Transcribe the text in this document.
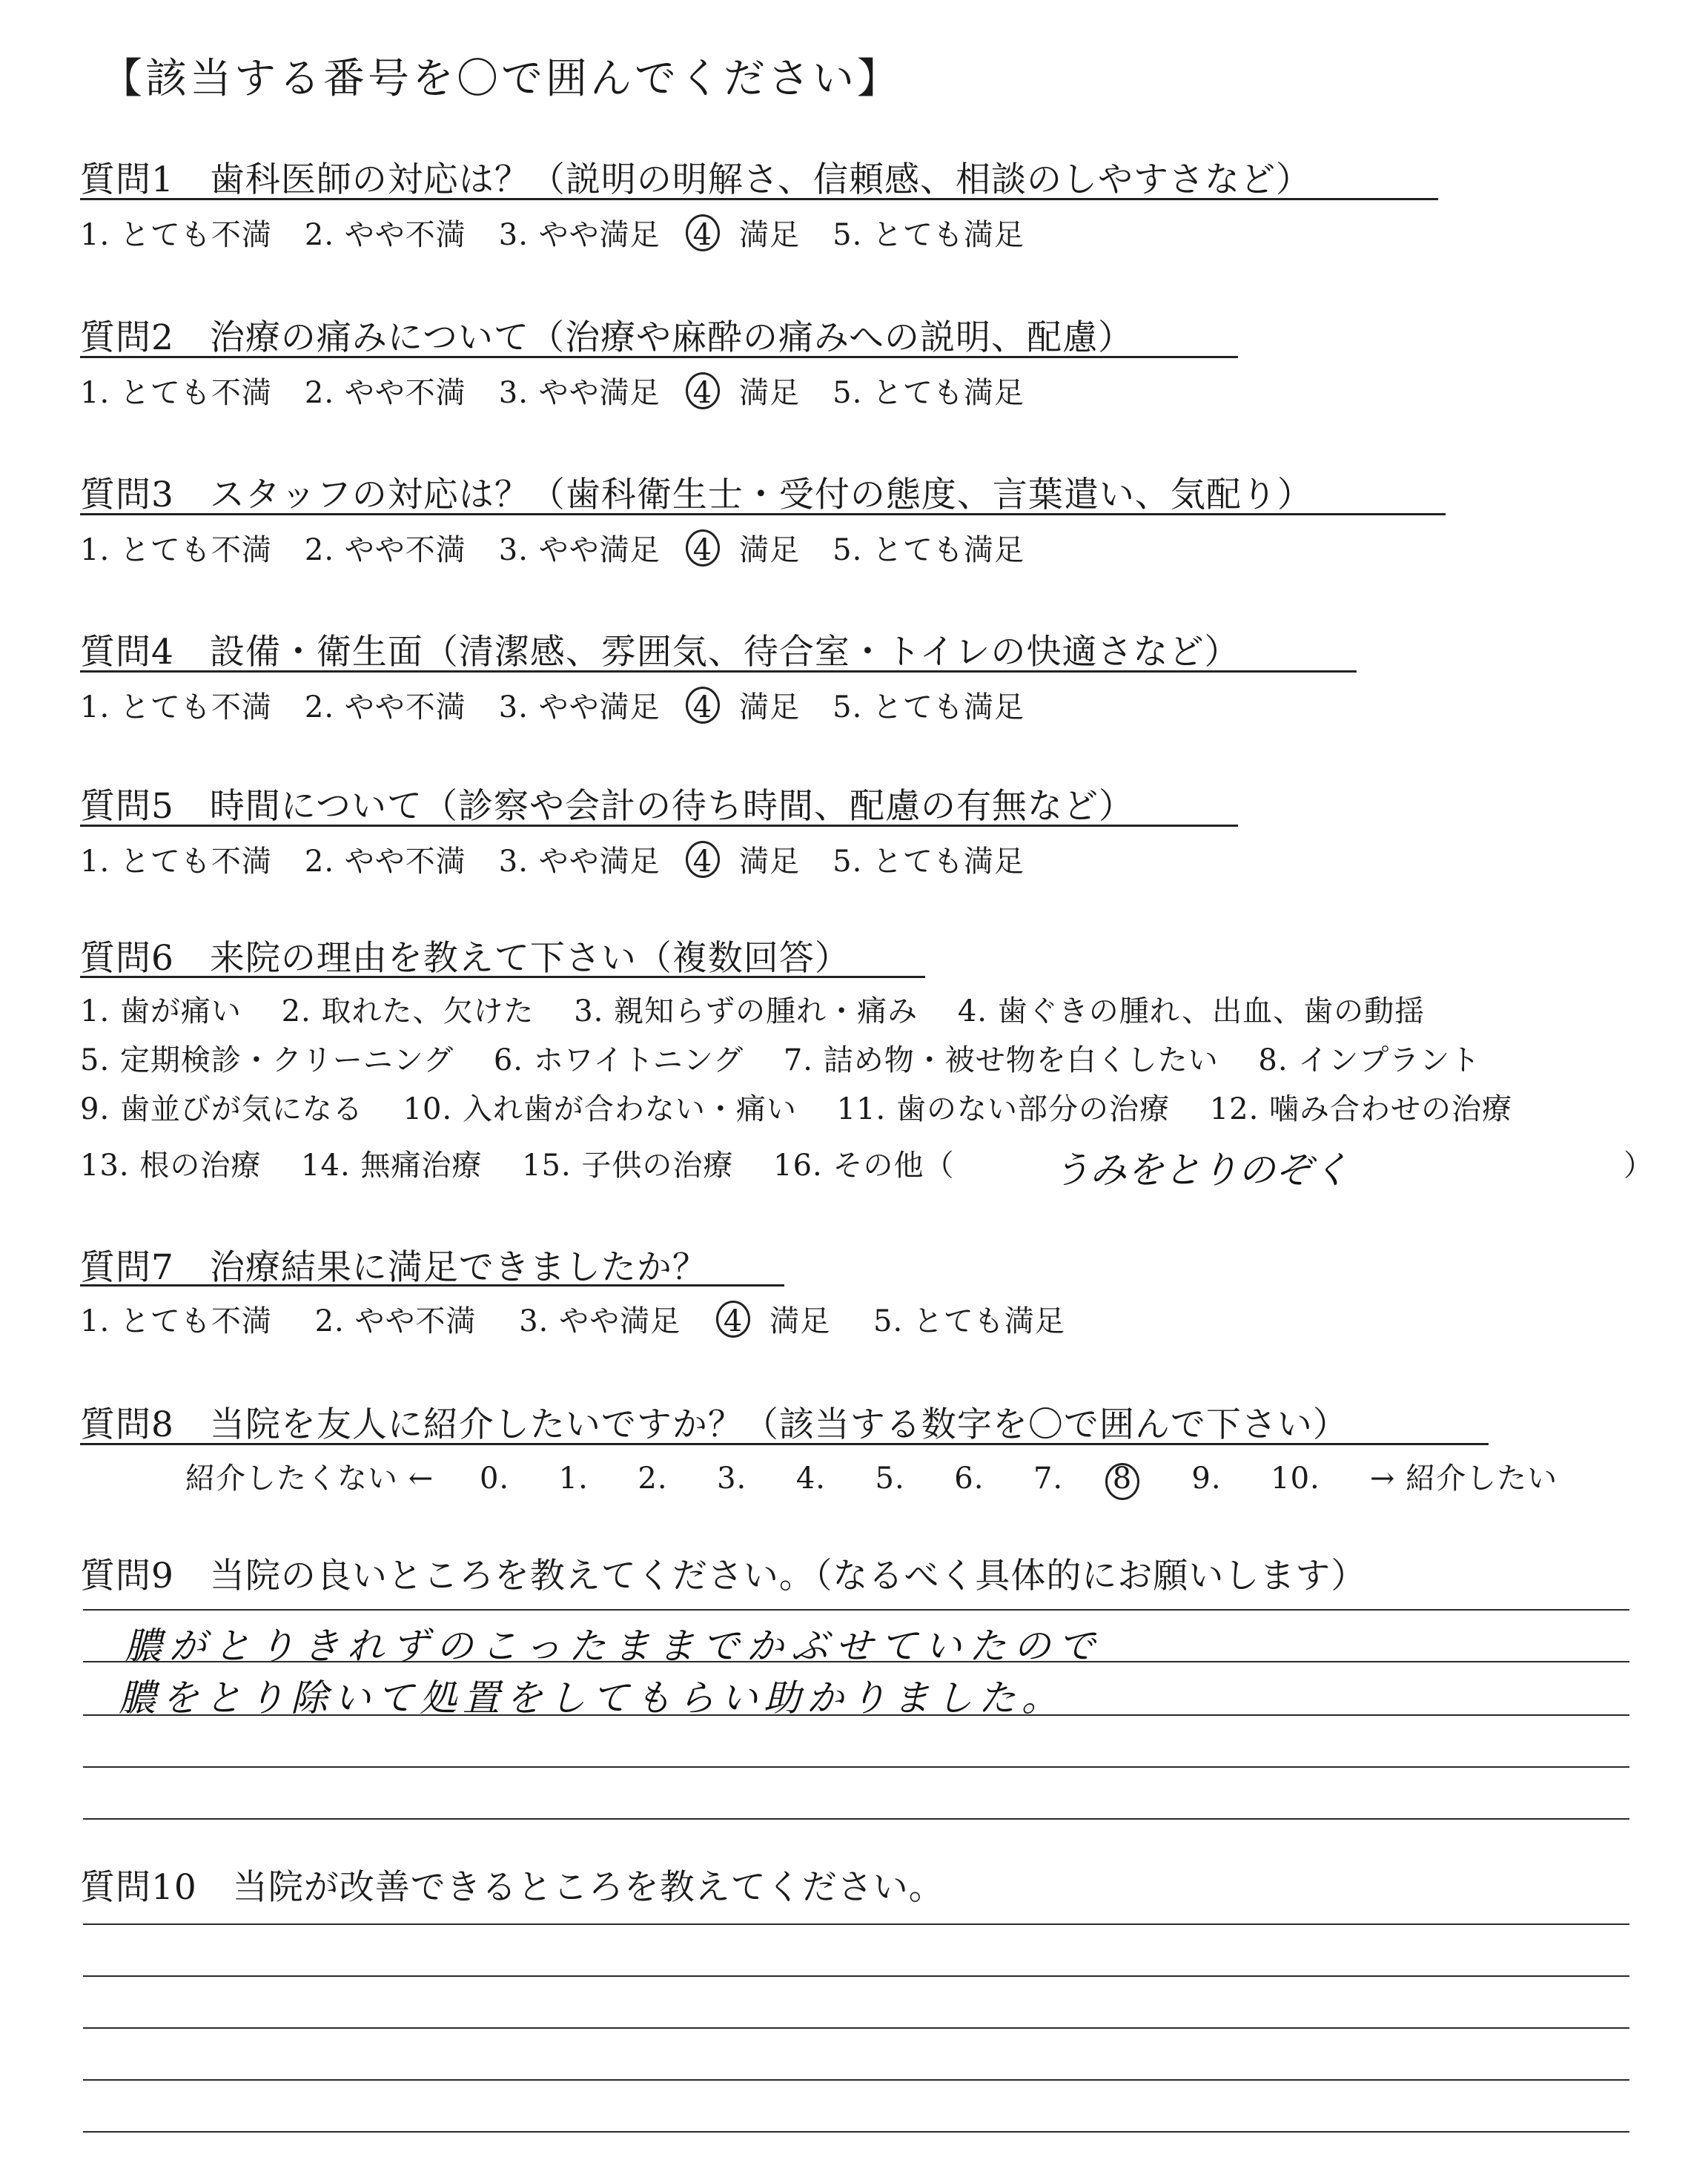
【該当する番号を〇で囲んでください】
質問1　歯科医師の対応は？（説明の明解さ、信頼感、相談のしやすさなど）
1. とても不満 2. やや不満 3. やや満足 4 満足 5. とても満足
質問2　治療の痛みについて（治療や麻酔の痛みへの説明、配慮）
1. とても不満 2. やや不満 3. やや満足 4 満足 5. とても満足
質問3　スタッフの対応は？（歯科衛生士・受付の態度、言葉遣い、気配り）
1. とても不満 2. やや不満 3. やや満足 4 満足 5. とても満足
質問4　設備・衛生面（清潔感、雰囲気、待合室・トイレの快適さなど）
1. とても不満 2. やや不満 3. やや満足 4 満足 5. とても満足
質問5　時間について（診察や会計の待ち時間、配慮の有無など）
1. とても不満 2. やや不満 3. やや満足 4 満足 5. とても満足
質問6　来院の理由を教えて下さい（複数回答）
1. 歯が痛い 2. 取れた、欠けた 3. 親知らずの腫れ・痛み 4. 歯ぐきの腫れ、出血、歯の動揺
5. 定期検診・クリーニング 6. ホワイトニング 7. 詰め物・被せ物を白くしたい 8. インプラント
9. 歯並びが気になる 10. 入れ歯が合わない・痛い 11. 歯のない部分の治療 12. 噛み合わせの治療
13. 根の治療 14. 無痛治療 15. 子供の治療 16. その他（	うみをとりのぞく	）
質問7　治療結果に満足できましたか？
1. とても不満 2. やや不満 3. やや満足 4 満足 5. とても満足
質問8　当院を友人に紹介したいですか？（該当する数字を〇で囲んで下さい）
紹介したくない ← 0. 1. 2. 3. 4. 5. 6. 7. 8 9. 10. → 紹介したい
質問9　当院の良いところを教えてください。（なるべく具体的にお願いします）
膿がとりきれずのこったままでかぶせていたので
膿をとり除いて処置をしてもらい助かりました。
質問10　当院が改善できるところを教えてください。
